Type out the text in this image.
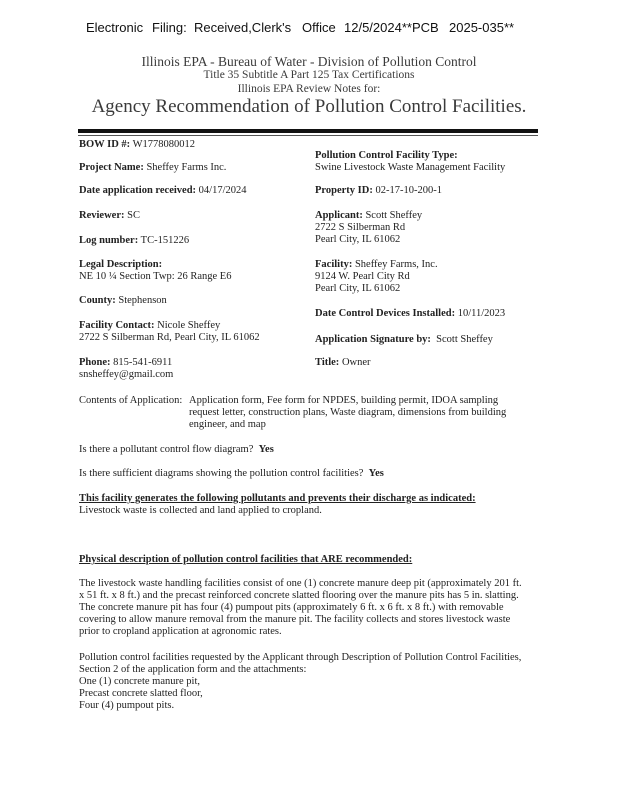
Electronic Filing: Received,Clerk's Office 12/5/2024**PCB 2025-035**
Illinois EPA - Bureau of Water - Division of Pollution Control
Title 35 Subtitle A Part 125 Tax Certifications
Illinois EPA Review Notes for:
Agency Recommendation of Pollution Control Facilities.
BOW ID #: W1778080012
Project Name: Sheffey Farms Inc.
Date application received: 04/17/2024
Reviewer: SC
Log number: TC-151226
Legal Description:
NE 10 ¼ Section Twp: 26 Range E6
County: Stephenson
Facility Contact: Nicole Sheffey
2722 S Silberman Rd, Pearl City, IL 61062
Phone: 815-541-6911
snsheffey@gmail.com
Pollution Control Facility Type:
Swine Livestock Waste Management Facility
Property ID: 02-17-10-200-1
Applicant: Scott Sheffey
2722 S Silberman Rd
Pearl City, IL 61062
Facility: Sheffey Farms, Inc.
9124 W. Pearl City Rd
Pearl City, IL 61062
Date Control Devices Installed: 10/11/2023
Application Signature by: Scott Sheffey
Title: Owner
Contents of Application: Application form, Fee form for NPDES, building permit, IDOA sampling
request letter, construction plans, Waste diagram, dimensions from building
engineer, and map
Is there a pollutant control flow diagram? Yes
Is there sufficient diagrams showing the pollution control facilities? Yes
This facility generates the following pollutants and prevents their discharge as indicated:
Livestock waste is collected and land applied to cropland.
Physical description of pollution control facilities that ARE recommended:
The livestock waste handling facilities consist of one (1) concrete manure deep pit (approximately 201 ft.
x 51 ft. x 8 ft.) and the precast reinforced concrete slatted flooring over the manure pits has 5 in. slatting.
The concrete manure pit has four (4) pumpout pits (approximately 6 ft. x 6 ft. x 8 ft.) with removable
covering to allow manure removal from the manure pit. The facility collects and stores livestock waste
prior to cropland application at agronomic rates.
Pollution control facilities requested by the Applicant through Description of Pollution Control Facilities,
Section 2 of the application form and the attachments:
One (1) concrete manure pit,
Precast concrete slatted floor,
Four (4) pumpout pits.
